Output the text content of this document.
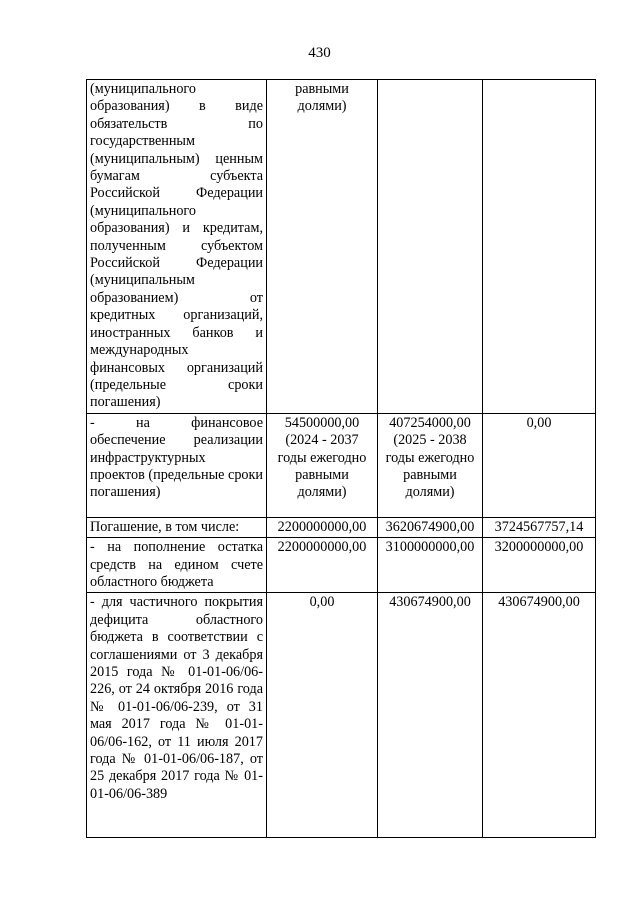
430
(муниципального образования) в виде обязательств по государственным (муниципальным) ценным бумагам субъекта Российской Федерации (муниципального образования) и кредитам, полученным субъектом Российской Федерации (муниципальным образованием) от кредитных организаций, иностранных банков и международных финансовых организаций (предельные сроки погашения)	равными долями)		
- на финансовое обеспечение реализации инфраструктурных проектов (предельные сроки погашения)	54500000,00 (2024 - 2037 годы ежегодно равными долями)	407254000,00 (2025 - 2038 годы ежегодно равными долями)	0,00
Погашение, в том числе:	2200000000,00	3620674900,00	3724567757,14
- на пополнение остатка средств на едином счете областного бюджета	2200000000,00	3100000000,00	3200000000,00
- для частичного покрытия дефицита областного бюджета в соответствии с соглашениями от 3 декабря 2015 года № 01-01-06/06-226, от 24 октября 2016 года № 01-01-06/06-239, от 31 мая 2017 года № 01-01-06/06-162, от 11 июля 2017 года № 01-01-06/06-187, от 25 декабря 2017 года № 01-01-06/06-389	0,00	430674900,00	430674900,00
